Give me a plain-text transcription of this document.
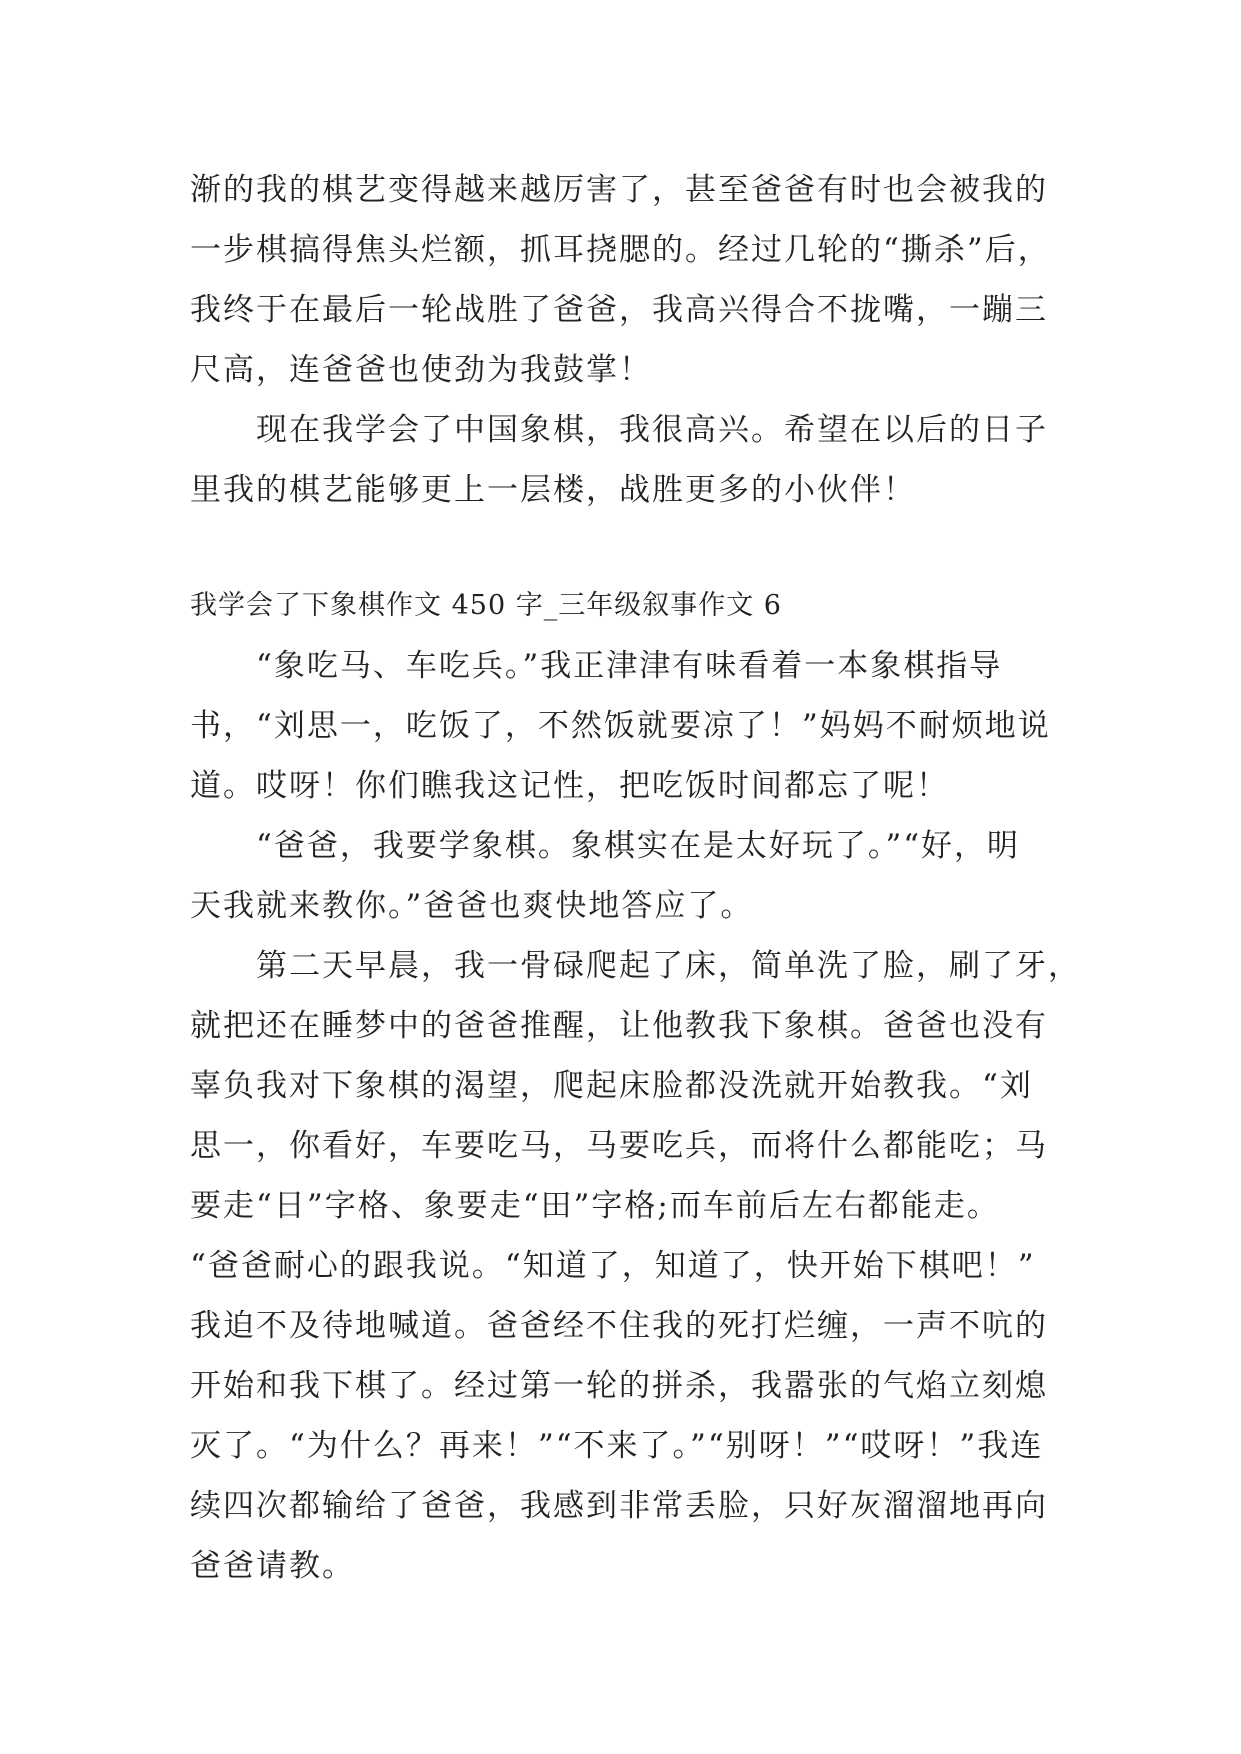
渐的我的棋艺变得越来越厉害了，甚至爸爸有时也会被我的
一步棋搞得焦头烂额，抓耳挠腮的。经过几轮的“撕杀”后，
我终于在最后一轮战胜了爸爸，我高兴得合不拢嘴，一蹦三
尺高，连爸爸也使劲为我鼓掌！
　　现在我学会了中国象棋，我很高兴。希望在以后的日子
里我的棋艺能够更上一层楼，战胜更多的小伙伴！
我学会了下象棋作文 450 字_三年级叙事作文 6
　　“象吃马、车吃兵。”我正津津有味看着一本象棋指导
书，“刘思一，吃饭了，不然饭就要凉了！”妈妈不耐烦地说
道。哎呀！你们瞧我这记性，把吃饭时间都忘了呢！
　　“爸爸，我要学象棋。象棋实在是太好玩了。”“好，明
天我就来教你。”爸爸也爽快地答应了。
　　第二天早晨，我一骨碌爬起了床，简单洗了脸，刷了牙，
就把还在睡梦中的爸爸推醒，让他教我下象棋。爸爸也没有
辜负我对下象棋的渴望，爬起床脸都没洗就开始教我。“刘
思一，你看好，车要吃马，马要吃兵，而将什么都能吃；马
要走“日”字格、象要走“田”字格;而车前后左右都能走。
“爸爸耐心的跟我说。“知道了，知道了，快开始下棋吧！”
我迫不及待地喊道。爸爸经不住我的死打烂缠，一声不吭的
开始和我下棋了。经过第一轮的拼杀，我嚣张的气焰立刻熄
灭了。“为什么？再来！”“不来了。”“别呀！”“哎呀！”我连
续四次都输给了爸爸，我感到非常丢脸，只好灰溜溜地再向
爸爸请教。
